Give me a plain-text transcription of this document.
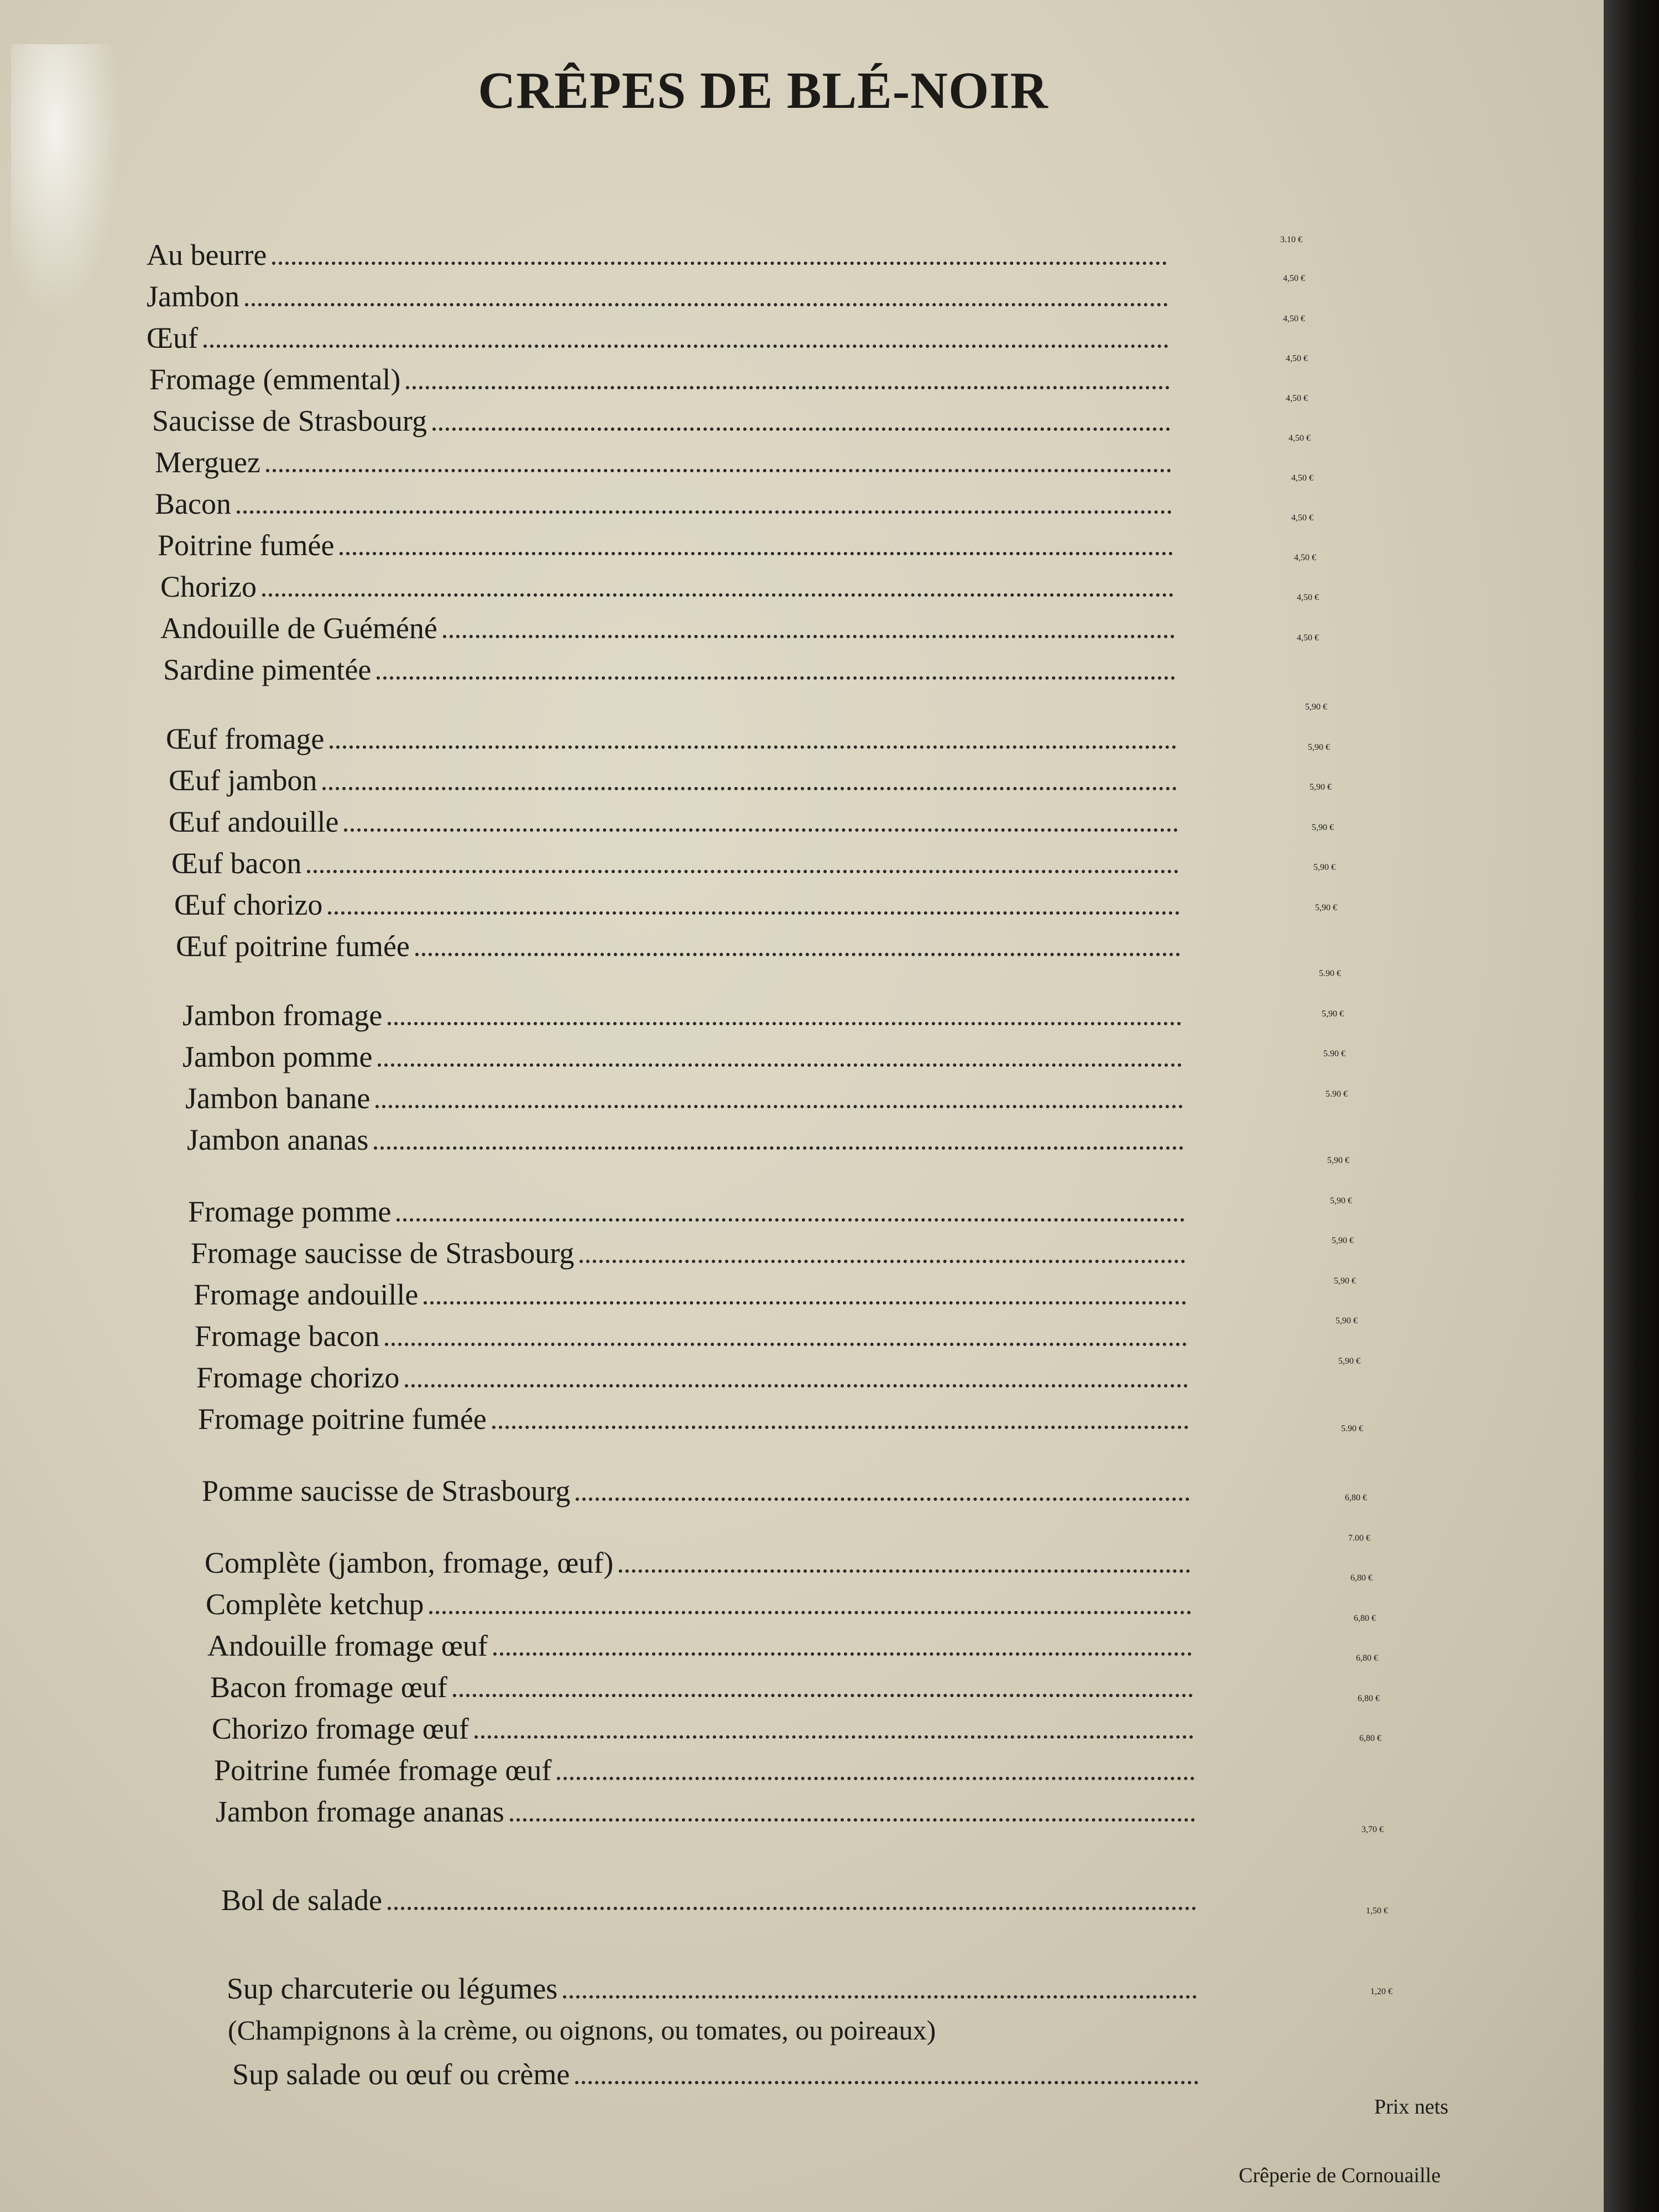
CRÊPES DE BLÉ-NOIR
Au beurre	3.10 €
Jambon
4,50 €
Œuf
4,50 €
Fromage (emmental)
4,50 €
Saucisse de Strasbourg
4,50 €
Merguez
4,50 €
Bacon
4,50 €
Poitrine fumée
4,50 €
Chorizo
4,50 €
Andouille de Guéméné
4,50 €
Sardine pimentée
4,50 €
Œuf fromage
5,90 €
Œuf jambon
5,90 €
Œuf andouille
5,90 €
Œuf bacon
5,90 €
Œuf chorizo
5,90 €
Œuf poitrine fumée
5,90 €
Jambon fromage
5.90 €
Jambon pomme
5,90 €
Jambon banane
5.90 €
Jambon ananas
5.90 €
Fromage pomme
5,90 €
Fromage saucisse de Strasbourg
5,90 €
Fromage andouille
5,90 €
Fromage bacon
5,90 €
Fromage chorizo
5,90 €
Fromage poitrine fumée
5,90 €
Pomme saucisse de Strasbourg
5.90 €
Complète (jambon, fromage, œuf)
6,80 €
Complète ketchup
7.00 €
Andouille fromage œuf
6,80 €
Bacon fromage œuf
6,80 €
Chorizo fromage œuf
6,80 €
Poitrine fumée fromage œuf
6,80 €
Jambon fromage ananas
6,80 €
Bol de salade
3,70 €
Sup charcuterie ou légumes
1,50 €
(Champignons à la crème, ou oignons, ou tomates, ou poireaux)
Sup salade ou œuf ou crème
1,20 €
Prix nets
Crêperie de Cornouaille
